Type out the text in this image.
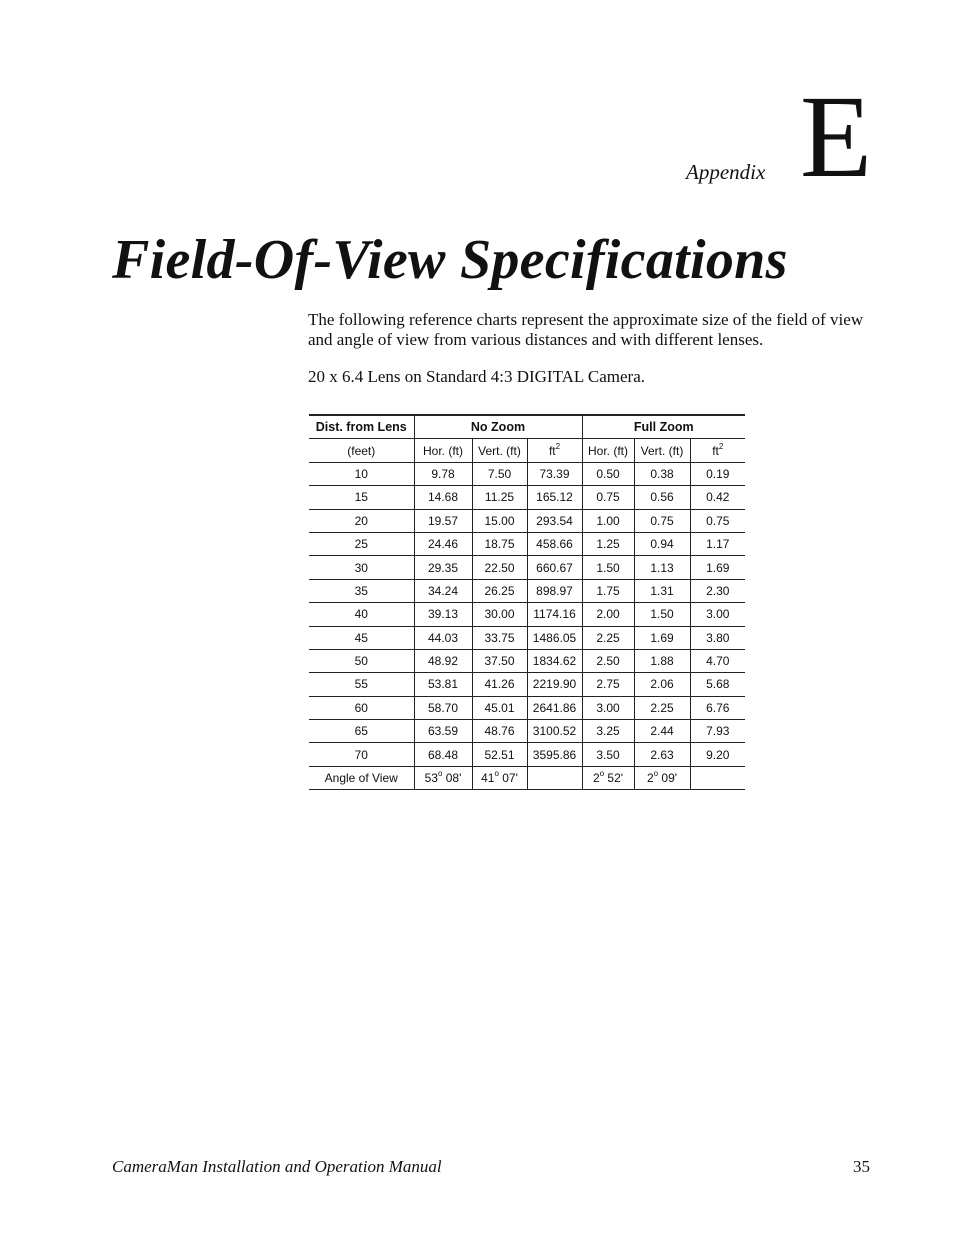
Appendix E
Field-Of-View Specifications

The following reference charts represent the approximate size of the field of view and angle of view from various distances and with different lenses.

20 x 6.4 Lens on Standard 4:3 DIGITAL Camera.

Dist. from Lens	No Zoom			Full Zoom		
(feet)	Hor. (ft)	Vert. (ft)	$ft^2$	Hor. (ft)	Vert. (ft)	$ft^2$
10	9.78	7.50	73.39	0.50	0.38	0.19
15	14.68	11.25	165.12	0.75	0.56	0.42
20	19.57	15.00	293.54	1.00	0.75	0.75
25	24.46	18.75	458.66	1.25	0.94	1.17
30	29.35	22.50	660.67	1.50	1.13	1.69
35	34.24	26.25	898.97	1.75	1.31	2.30
40	39.13	30.00	1174.16	2.00	1.50	3.00
45	44.03	33.75	1486.05	2.25	1.69	3.80
50	48.92	37.50	1834.62	2.50	1.88	4.70
55	53.81	41.26	2219.90	2.75	2.06	5.68
60	58.70	45.01	2641.86	3.00	2.25	6.76
65	63.59	48.76	3100.52	3.25	2.44	7.93
70	68.48	52.51	3595.86	3.50	2.63	9.20
Angle of View	53$^o$ 08'	41$^o$ 07'		2$^o$ 52'	2$^o$ 09'	
CameraMan Installation and Operation Manual	35
